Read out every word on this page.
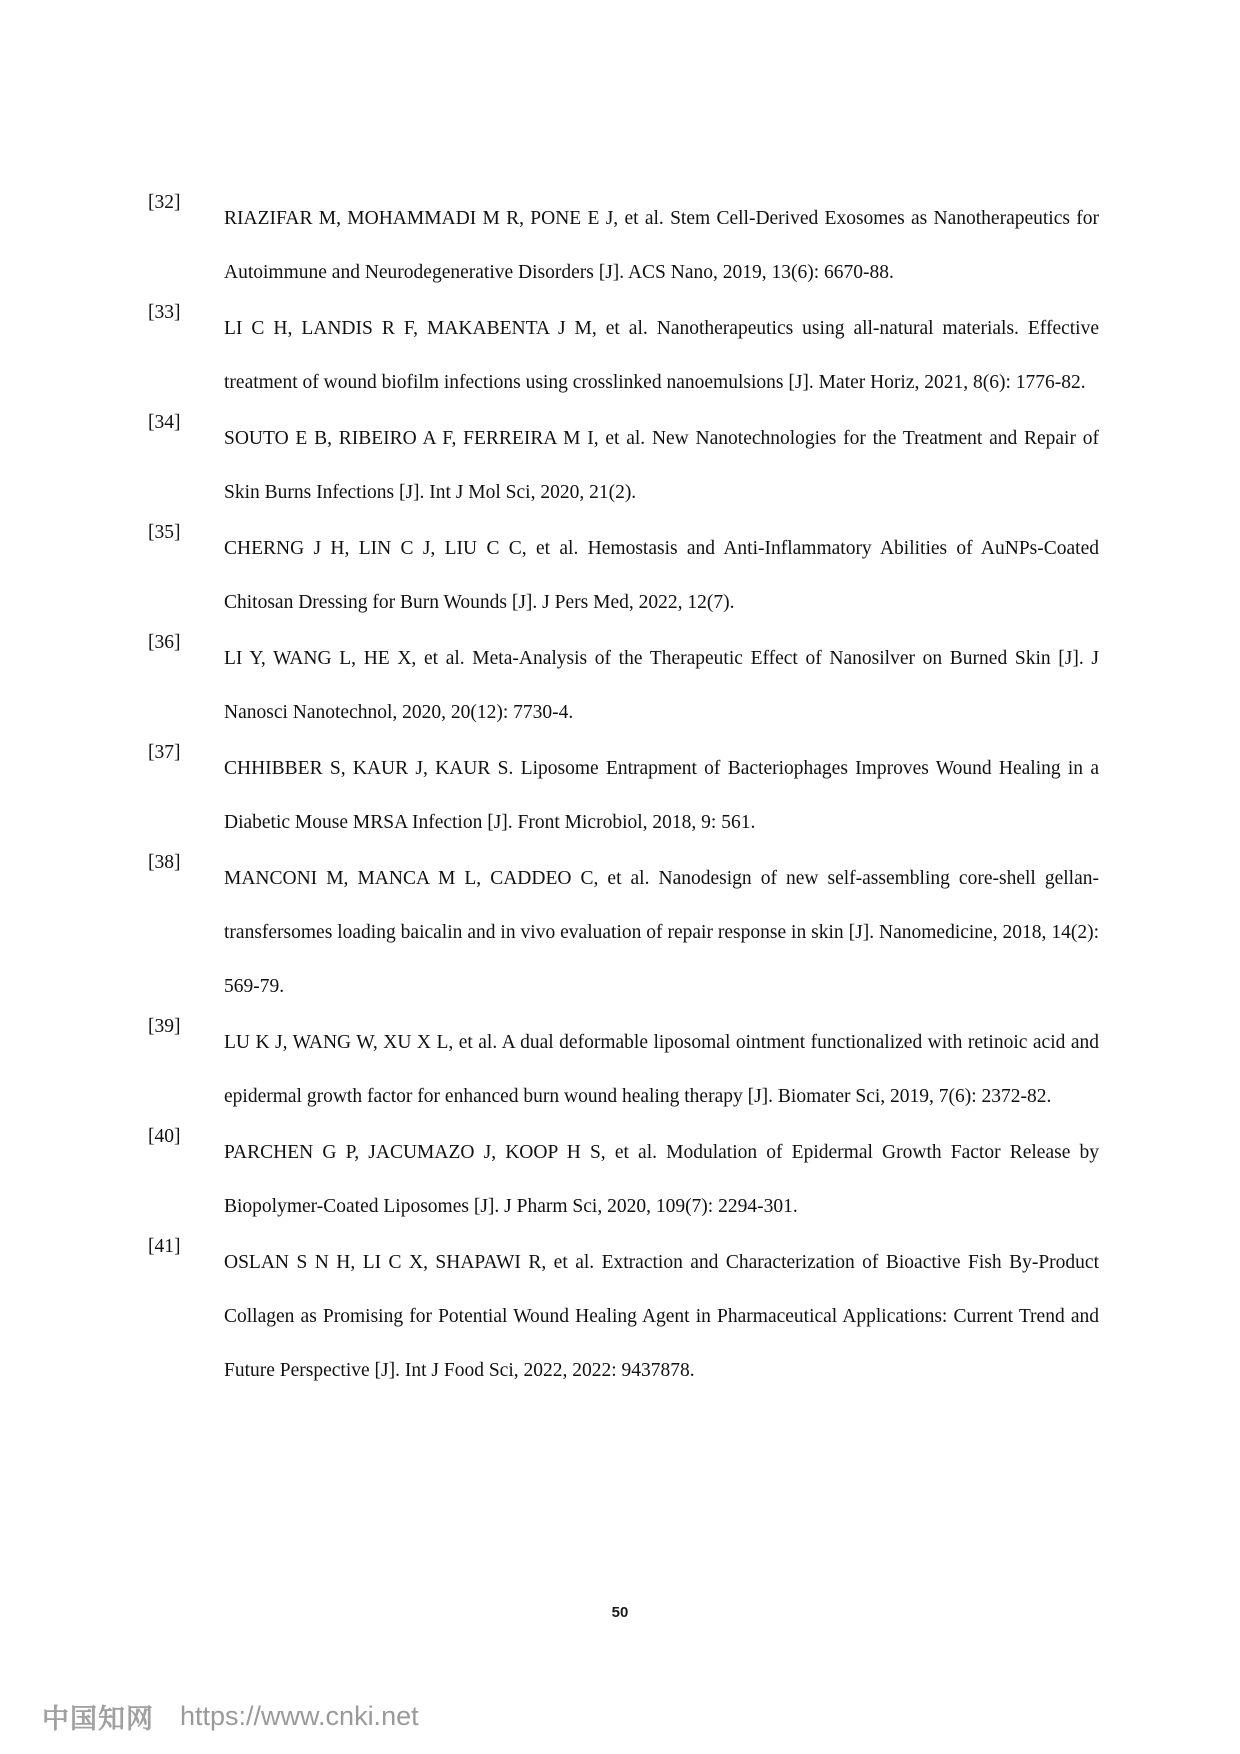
[32]
RIAZIFAR M, MOHAMMADI M R, PONE E J, et al. Stem Cell-Derived Exosomes as Nanotherapeutics for Autoimmune and Neurodegenerative Disorders [J]. ACS Nano, 2019, 13(6): 6670-88.
[33]
LI C H, LANDIS R F, MAKABENTA J M, et al. Nanotherapeutics using all-natural materials. Effective treatment of wound biofilm infections using crosslinked nanoemulsions [J]. Mater Horiz, 2021, 8(6): 1776-82.
[34]
SOUTO E B, RIBEIRO A F, FERREIRA M I, et al. New Nanotechnologies for the Treatment and Repair of Skin Burns Infections [J]. Int J Mol Sci, 2020, 21(2).
[35]
CHERNG J H, LIN C J, LIU C C, et al. Hemostasis and Anti-Inflammatory Abilities of AuNPs-Coated Chitosan Dressing for Burn Wounds [J]. J Pers Med, 2022, 12(7).
[36]
LI Y, WANG L, HE X, et al. Meta-Analysis of the Therapeutic Effect of Nanosilver on Burned Skin [J]. J Nanosci Nanotechnol, 2020, 20(12): 7730-4.
[37]
CHHIBBER S, KAUR J, KAUR S. Liposome Entrapment of Bacteriophages Improves Wound Healing in a Diabetic Mouse MRSA Infection [J]. Front Microbiol, 2018, 9: 561.
[38]
MANCONI M, MANCA M L, CADDEO C, et al. Nanodesign of new self-assembling core-shell gellan-transfersomes loading baicalin and in vivo evaluation of repair response in skin [J]. Nanomedicine, 2018, 14(2): 569-79.
[39]
LU K J, WANG W, XU X L, et al. A dual deformable liposomal ointment functionalized with retinoic acid and epidermal growth factor for enhanced burn wound healing therapy [J]. Biomater Sci, 2019, 7(6): 2372-82.
[40]
PARCHEN G P, JACUMAZO J, KOOP H S, et al. Modulation of Epidermal Growth Factor Release by Biopolymer-Coated Liposomes [J]. J Pharm Sci, 2020, 109(7): 2294-301.
[41]
OSLAN S N H, LI C X, SHAPAWI R, et al. Extraction and Characterization of Bioactive Fish By-Product Collagen as Promising for Potential Wound Healing Agent in Pharmaceutical Applications: Current Trend and Future Perspective [J]. Int J Food Sci, 2022, 2022: 9437878.
50
中国知网 https://www.cnki.net
